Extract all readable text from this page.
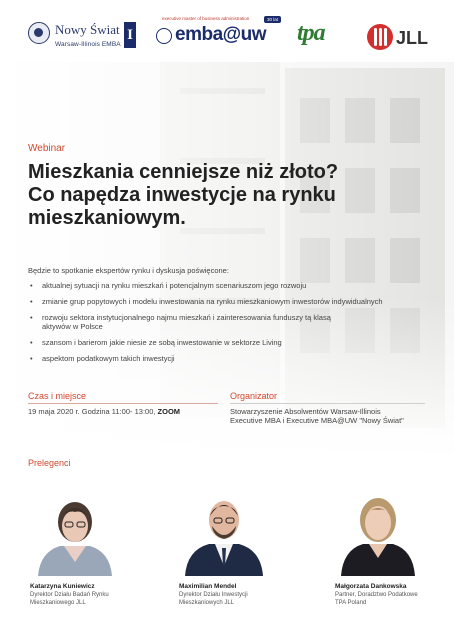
Nowy Świat
Warsaw-Illinois EMBA
I
executive master of business administration	30 lat
emba@uw tpa	JLL
Webinar
Mieszkania cenniejsze niż złoto?
Co napędza inwestycje na rynku
mieszkaniowym.
Będzie to spotkanie ekspertów rynku i dyskusja poświęcone:
• aktualnej sytuacji na rynku mieszkań i potencjalnym scenariuszom jego rozwoju
• zmianie grup popytowych i modelu inwestowania na rynku mieszkaniowym inwestorów indywidualnych
• rozwoju sektora instytucjonalnego najmu mieszkań i zainteresowania funduszy tą klasą aktywów w Polsce
• szansom i barierom jakie niesie ze sobą inwestowanie w sektorze Living
• aspektom podatkowym takich inwestycji
Czas i miejsce
19 maja 2020 r. Godzina 11:00- 13:00, ZOOM
Organizator
Stowarzyszenie Absolwentów Warsaw-Illinois
Executive MBA i Executive MBA@UW "Nowy Świat"
Prelegenci
Katarzyna Kuniewicz
Dyrektor Działu Badań Rynku
Mieszkaniowego JLL
Maximilian Mendel
Dyrektor Działu Inwestycji
Mieszkaniowych JLL
Małgorzata Dankowska
Partner, Doradztwo Podatkowe
TPA Poland
